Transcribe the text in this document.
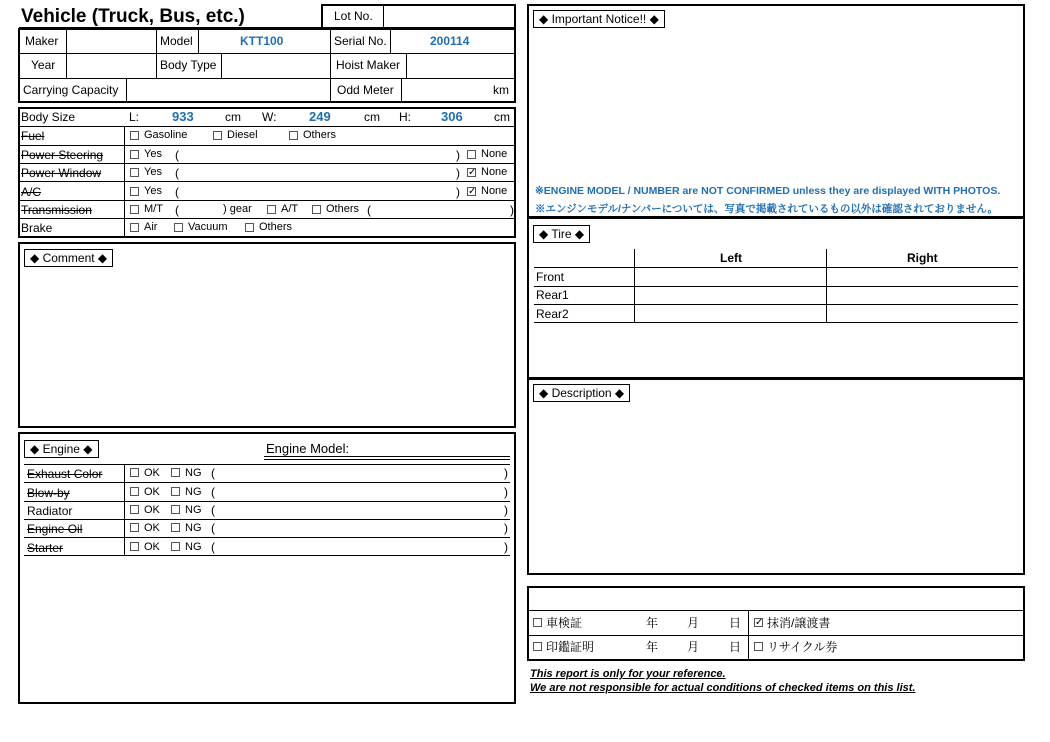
Vehicle (Truck, Bus, etc.)	Lot No.
Maker	Model	KTT100	Serial No.	200114
Year	Body Type	Hoist Maker
Carrying Capacity	Odd Meter	km
Body Size	L:	933	cm W:	249	cm H: 306	cm
Fuel	Gasoline	Diesel	Others
Power Steering	Yes (	) None
Power Window	Yes (	) ✓ None
A/C	Yes (	) ✓ None
Transmission	M/T (	) gear	A/T	Others (	)
Brake	Air	Vacuum	Others
◆ Comment ◆
◆ Engine ◆	Engine Model:
Exhaust Color	OK NG (	)
Blow-by	OK NG (	)
Radiator	OK NG (	)
Engine Oil	OK NG (	)
Starter	OK NG (	)
◆ Important Notice!! ◆
※ENGINE MODEL / NUMBER are NOT CONFIRMED unless they are displayed WITH PHOTOS.
※エンジンモデル/ナンバーについては、写真で掲載されているもの以外は確認されておりません。
◆ Tire ◆
Left	Right
Front
Rear1
Rear2
◆ Description ◆
車検証	年 月 日 ✓ 抹消/譲渡書
印鑑証明	年 月 日 リサイクル券
This report is only for your reference.
We are not responsible for actual conditions of checked items on this list.
